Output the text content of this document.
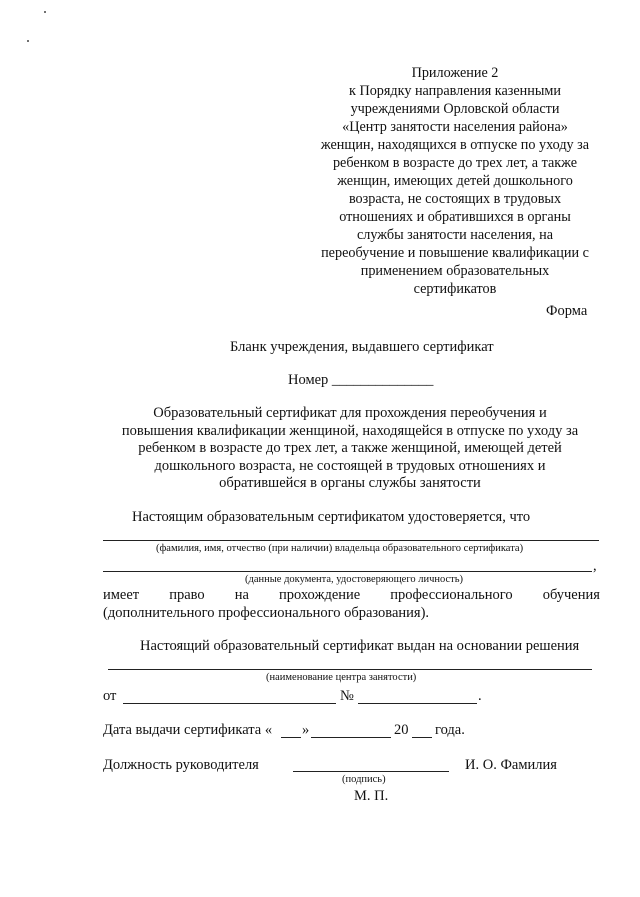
Приложение 2
к Порядку направления казенными
учреждениями Орловской области
«Центр занятости населения района»
женщин, находящихся в отпуске по уходу за
ребенком в возрасте до трех лет, а также
женщин, имеющих детей дошкольного
возраста, не состоящих в трудовых
отношениях и обратившихся в органы
службы занятости населения, на
переобучение и повышение квалификации с
применением образовательных
сертификатов
Форма
Бланк учреждения, выдавшего сертификат
Номер ______________
Образовательный сертификат для прохождения переобучения и
повышения квалификации женщиной, находящейся в отпуске по уходу за
ребенком в возрасте до трех лет, а также женщиной, имеющей детей
дошкольного возраста, не состоящей в трудовых отношениях и
обратившейся в органы службы занятости
Настоящим образовательным сертификатом удостоверяется, что
(фамилия, имя, отчество (при наличии) владельца образовательного сертификата)
,
(данные документа, удостоверяющего личность)
имеет право на прохождение профессионального обучения
(дополнительного профессионального образования).
Настоящий образовательный сертификат выдан на основании решения
(наименование центра занятости)
от	№	.
Дата выдачи сертификата « »	20 года.
Должность руководителя	И. О. Фамилия
(подпись)
М. П.
